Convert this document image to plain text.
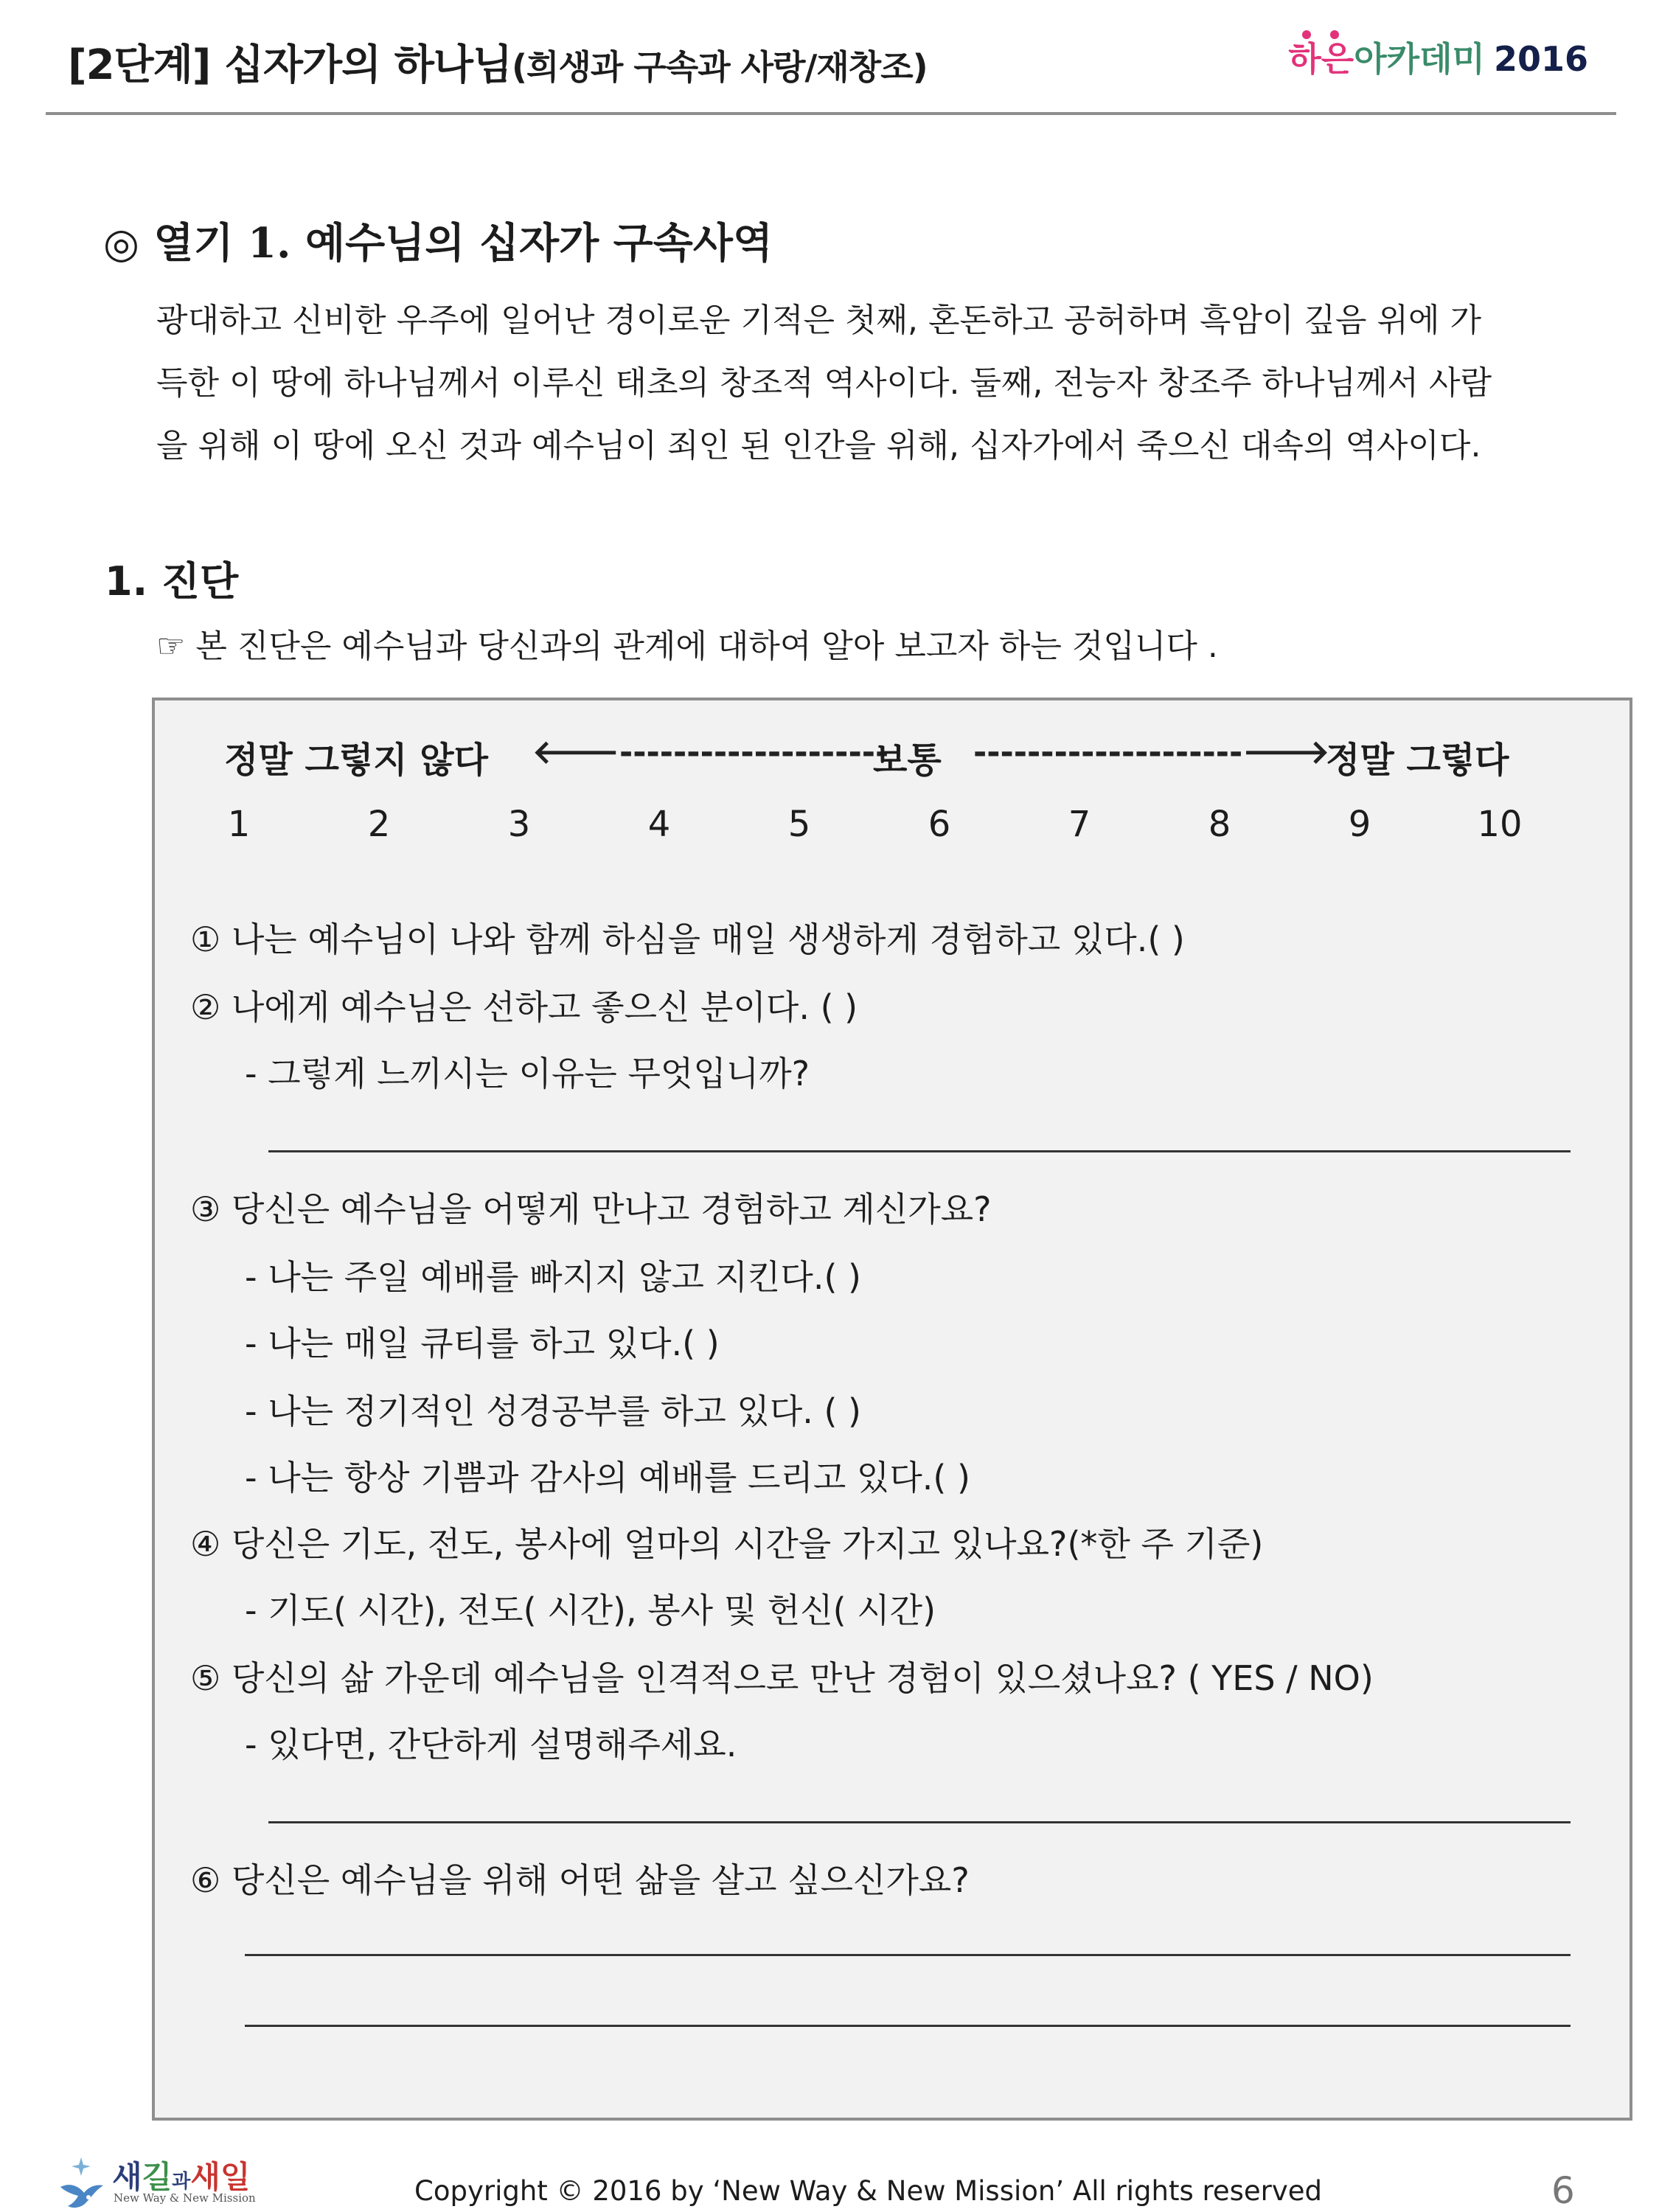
[2단계] 십자가의 하나님(희생과 구속과 사랑/재창조)	하
은아카데미 2016
◎ 열기 1. 예수님의 십자가 구속사역
광대하고 신비한 우주에 일어난 경이로운 기적은 첫째, 혼돈하고 공허하며 흑암이 깊음 위에 가
득한 이 땅에 하나님께서 이루신 태초의 창조적 역사이다. 둘째, 전능자 창조주 하나님께서 사람
을 위해 이 땅에 오신 것과 예수님이 죄인 된 인간을 위해, 십자가에서 죽으신 대속의 역사이다.
1. 진단
☞ 본 진단은 예수님과 당신과의 관계에 대하여 알아 보고자 하는 것입니다 .
정말 그렇지 않다 🡐--------------------
보통 --------------------🡒
정말 그렇다
1	2	3	4	5	6	7	8	9	10
① 나는 예수님이 나와 함께 하심을 매일 생생하게 경험하고 있다.( )
② 나에게 예수님은 선하고 좋으신 분이다. ( )
- 그렇게 느끼시는 이유는 무엇입니까?
③ 당신은 예수님을 어떻게 만나고 경험하고 계신가요?
- 나는 주일 예배를 빠지지 않고 지킨다.( )
- 나는 매일 큐티를 하고 있다.( )
- 나는 정기적인 성경공부를 하고 있다. ( )
- 나는 항상 기쁨과 감사의 예배를 드리고 있다.( )
④ 당신은 기도, 전도, 봉사에 얼마의 시간을 가지고 있나요?(*한 주 기준)
- 기도( 시간), 전도( 시간), 봉사 및 헌신( 시간)
⑤ 당신의 삶 가운데 예수님을 인격적으로 만난 경험이 있으셨나요? ( YES / NO)
- 있다면, 간단하게 설명해주세요.
⑥ 당신은 예수님을 위해 어떤 삶을 살고 싶으신가요?
새길과새일
New Way & New Mission	Copyright © 2016 by ‘New Way & New Mission’ All rights reserved	6
